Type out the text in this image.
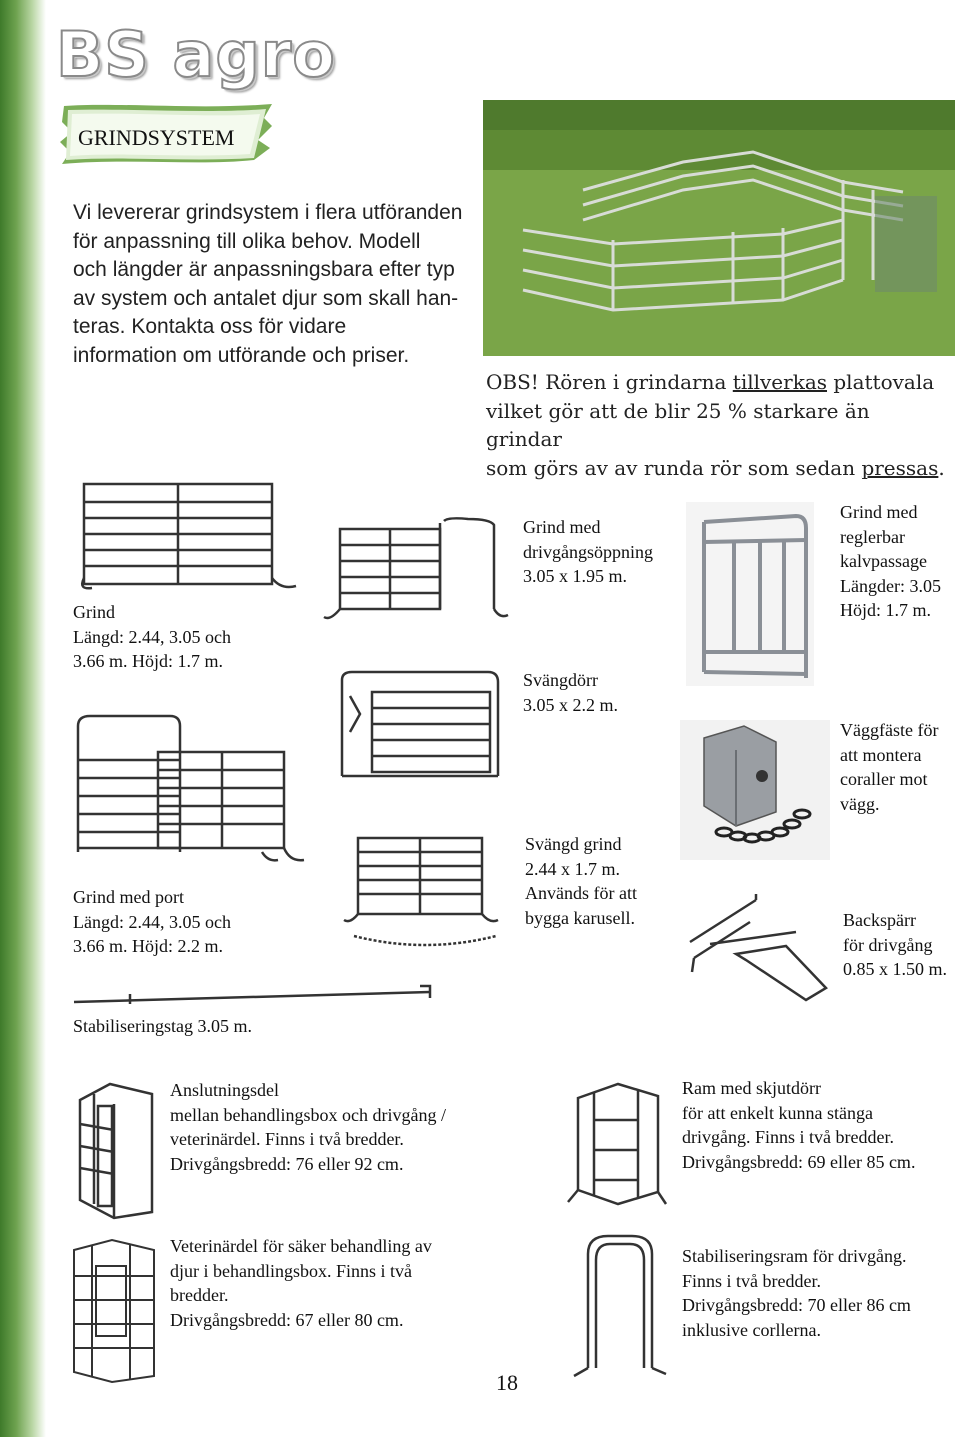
BS agro
GRINDSYSTEM
Vi levererar grindsystem i flera utföranden
för anpassning till olika behov. Modell
och längder är anpassningsbara efter typ
av system och antalet djur som skall han-
teras. Kontakta oss för vidare
information om utförande och priser.
OBS! Rören i grindarna tillverkas plattovala
vilket gör att de blir 25 % starkare än grindar
som görs av av runda rör som sedan pressas.
Grind
Längd: 2.44, 3.05 och
3.66 m. Höjd: 1.7 m.
Grind med
drivgångsöppning
3.05 x 1.95 m.
Grind med
reglerbar
kalvpassage
Längder: 3.05
Höjd: 1.7 m.
Svängdörr
3.05 x 2.2 m.
Väggfäste för
att montera
coraller mot
vägg.
Grind med port
Längd: 2.44, 3.05 och
3.66 m. Höjd: 2.2 m.
Svängd grind
2.44 x 1.7 m.
Används för att
bygga karusell.	Backspärr
för drivgång
0.85 x 1.50 m.
Stabiliseringstag 3.05 m.
Anslutningsdel
mellan behandlingsbox och drivgång /
veterinärdel. Finns i två bredder.
Drivgångsbredd: 76 eller 92 cm.
Ram med skjutdörr
för att enkelt kunna stänga
drivgång. Finns i två bredder.
Drivgångsbredd: 69 eller 85 cm.
Veterinärdel för säker behandling av
djur i behandlingsbox. Finns i två
bredder.
Drivgångsbredd: 67 eller 80 cm.
Stabiliseringsram för drivgång.
Finns i två bredder.
Drivgångsbredd: 70 eller 86 cm
inklusive corllerna.
18
